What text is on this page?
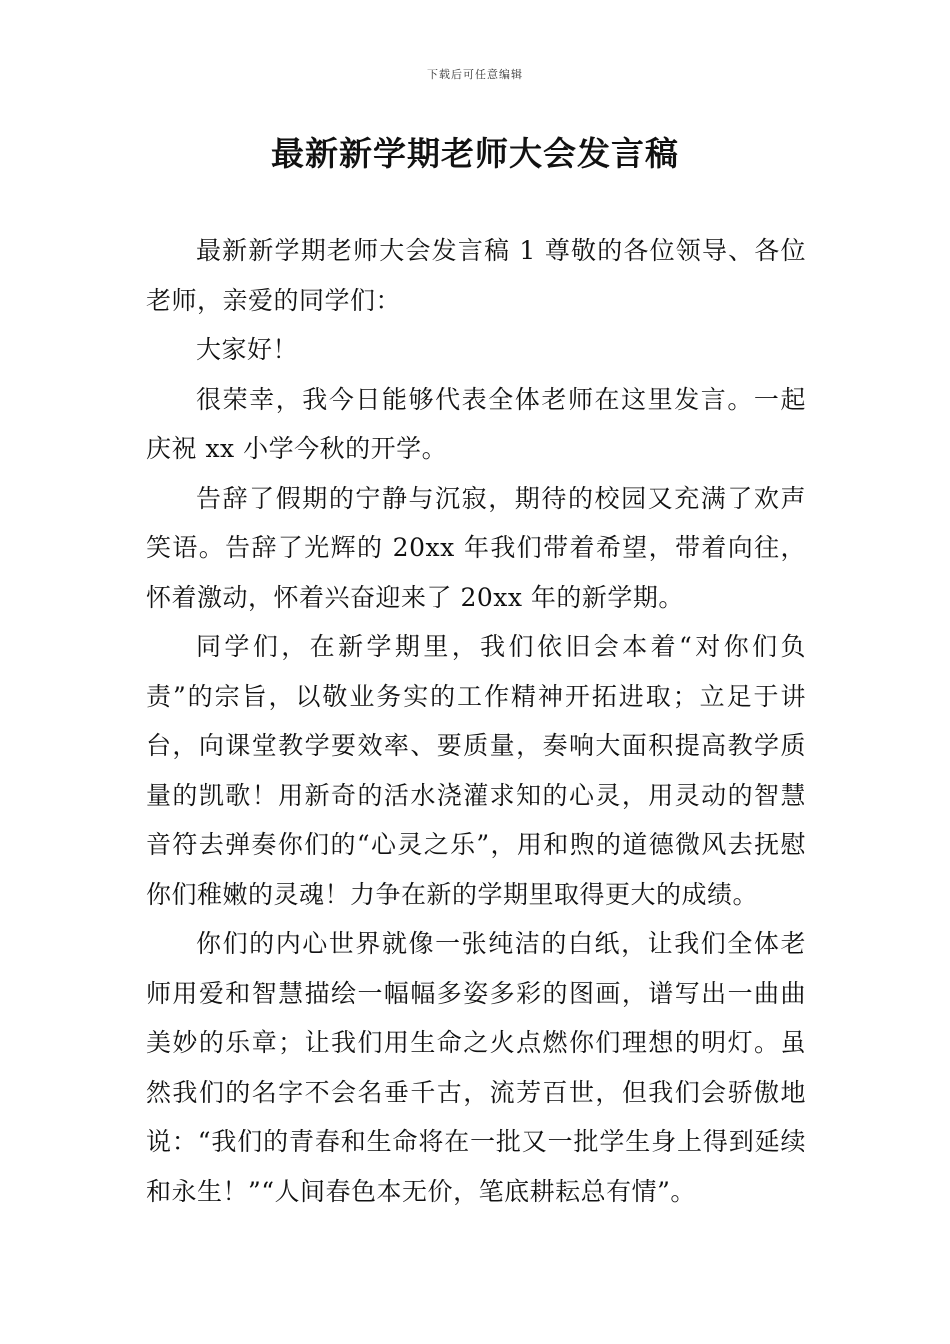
下载后可任意编辑
最新新学期老师大会发言稿

最新新学期老师大会发言稿 1 尊敬的各位领导、各位老师，亲爱的同学们：

大家好！

很荣幸，我今日能够代表全体老师在这里发言。一起庆祝 xx 小学今秋的开学。

告辞了假期的宁静与沉寂，期待的校园又充满了欢声笑语。告辞了光辉的 20xx 年我们带着希望，带着向往，怀着激动，怀着兴奋迎来了 20xx 年的新学期。

同学们，在新学期里，我们依旧会本着“对你们负责”的宗旨，以敬业务实的工作精神开拓进取；立足于讲台，向课堂教学要效率、要质量，奏响大面积提高教学质量的凯歌！用新奇的活水浇灌求知的心灵，用灵动的智慧音符去弹奏你们的“心灵之乐”，用和煦的道德微风去抚慰你们稚嫩的灵魂！力争在新的学期里取得更大的成绩。

你们的内心世界就像一张纯洁的白纸，让我们全体老师用爱和智慧描绘一幅幅多姿多彩的图画，谱写出一曲曲美妙的乐章；让我们用生命之火点燃你们理想的明灯。虽然我们的名字不会名垂千古，流芳百世，但我们会骄傲地说：“我们的青春和生命将在一批又一批学生身上得到延续和永生！”“人间春色本无价，笔底耕耘总有情”。
